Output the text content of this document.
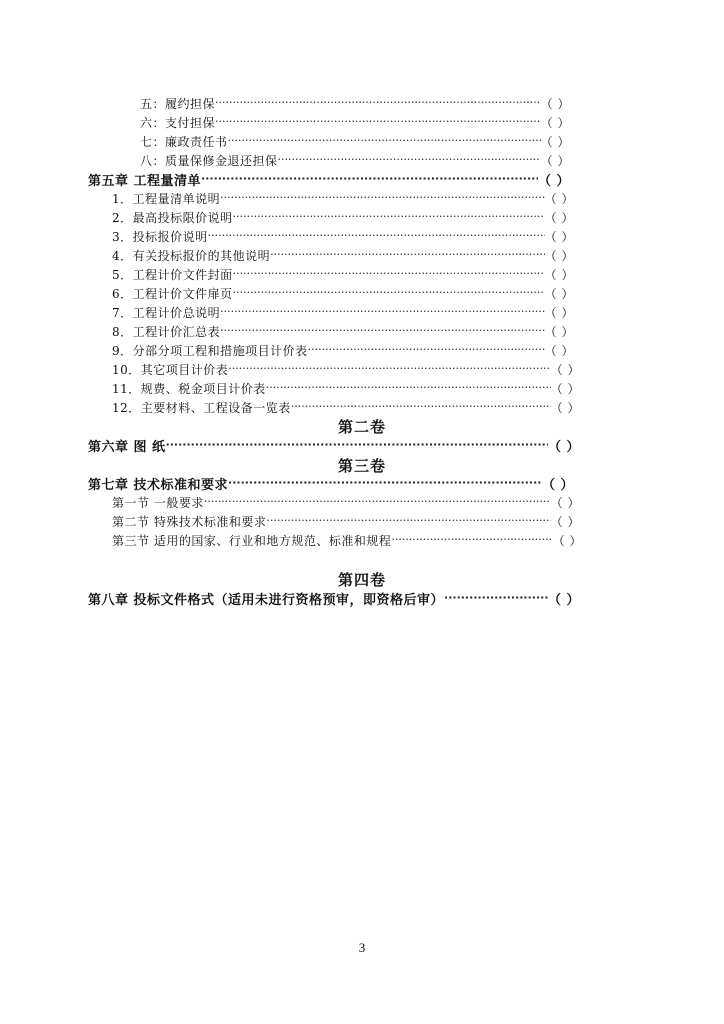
五：履约担保 ·····	（ ）
六：支付担保 ·····	（ ）
七：廉政责任书 ·····	（ ）
八：质量保修金退还担保 ·····	（ ）
第五章 工程量清单 ·····	（ ）
1．工程量清单说明 ·····	（ ）
2．最高投标限价说明 ·····	（ ）
3．投标报价说明 ·····	（ ）
4．有关投标报价的其他说明 ·····	（ ）
5．工程计价文件封面 ·····	（ ）
6．工程计价文件扉页 ·····	（ ）
7．工程计价总说明 ·····	（ ）
8．工程计价汇总表 ·····	（ ）
9．分部分项工程和措施项目计价表 ·····	（ ）
10．其它项目计价表 ·····	（ ）
11．规费、税金项目计价表 ·····	（ ）
12．主要材料、工程设备一览表 ·····	（ ）
第二卷
第六章 图 纸 ·····	（ ）
第三卷
第七章 技术标准和要求 ·····	（ ）
第一节 一般要求 ·····	（ ）
第二节 特殊技术标准和要求 ·····	（ ）
第三节 适用的国家、行业和地方规范、标准和规程 ·····	（ ）
第四卷
第八章 投标文件格式（适用未进行资格预审，即资格后审） ·····	（ ）
3
